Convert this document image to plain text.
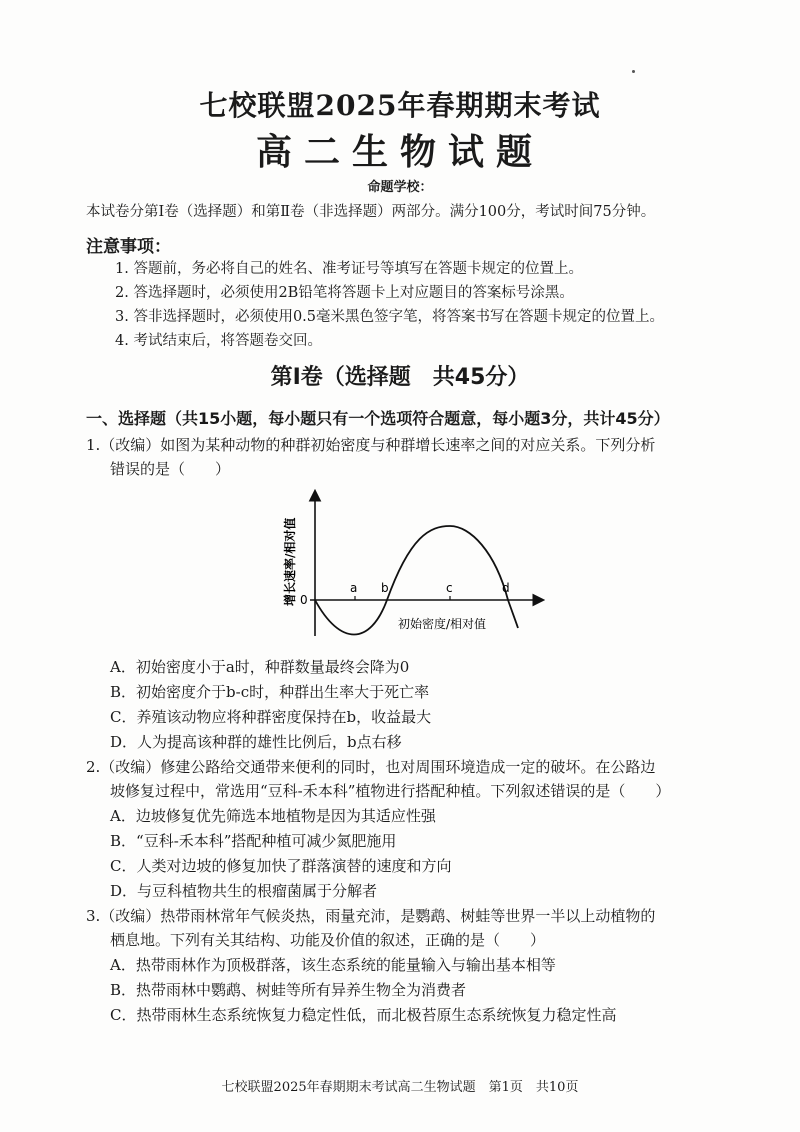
七校联盟2025年春期期末考试
高二生物试题
命题学校：
本试卷分第Ⅰ卷（选择题）和第Ⅱ卷（非选择题）两部分。满分100分，考试时间75分钟。
注意事项：
1. 答题前，务必将自己的姓名、准考证号等填写在答题卡规定的位置上。
2. 答选择题时，必须使用2B铅笔将答题卡上对应题目的答案标号涂黑。
3. 答非选择题时，必须使用0.5毫米黑色签字笔，将答案书写在答题卡规定的位置上。
4. 考试结束后，将答题卷交回。
第Ⅰ卷（选择题　共45分）
一、选择题（共15小题，每小题只有一个选项符合题意，每小题3分，共计45分）
1.（改编）如图为某种动物的种群初始密度与种群增长速率之间的对应关系。下列分析
错误的是（　　）
a b	c	d
0
初始密度/相对值
增长速率/相对值
A．初始密度小于a时，种群数量最终会降为0
B．初始密度介于b-c时，种群出生率大于死亡率
C．养殖该动物应将种群密度保持在b，收益最大
D．人为提高该种群的雄性比例后，b点右移
2.（改编）修建公路给交通带来便利的同时，也对周围环境造成一定的破坏。在公路边
坡修复过程中，常选用“豆科-禾本科”植物进行搭配种植。下列叙述错误的是（　　）
A．边坡修复优先筛选本地植物是因为其适应性强
B．“豆科-禾本科”搭配种植可减少氮肥施用
C．人类对边坡的修复加快了群落演替的速度和方向
D．与豆科植物共生的根瘤菌属于分解者
3.（改编）热带雨林常年气候炎热，雨量充沛，是鹦鹉、树蛙等世界一半以上动植物的
栖息地。下列有关其结构、功能及价值的叙述，正确的是（　　）
A．热带雨林作为顶极群落，该生态系统的能量输入与输出基本相等
B．热带雨林中鹦鹉、树蛙等所有异养生物全为消费者
C．热带雨林生态系统恢复力稳定性低，而北极苔原生态系统恢复力稳定性高
七校联盟2025年春期期末考试高二生物试题　第1页　共10页
